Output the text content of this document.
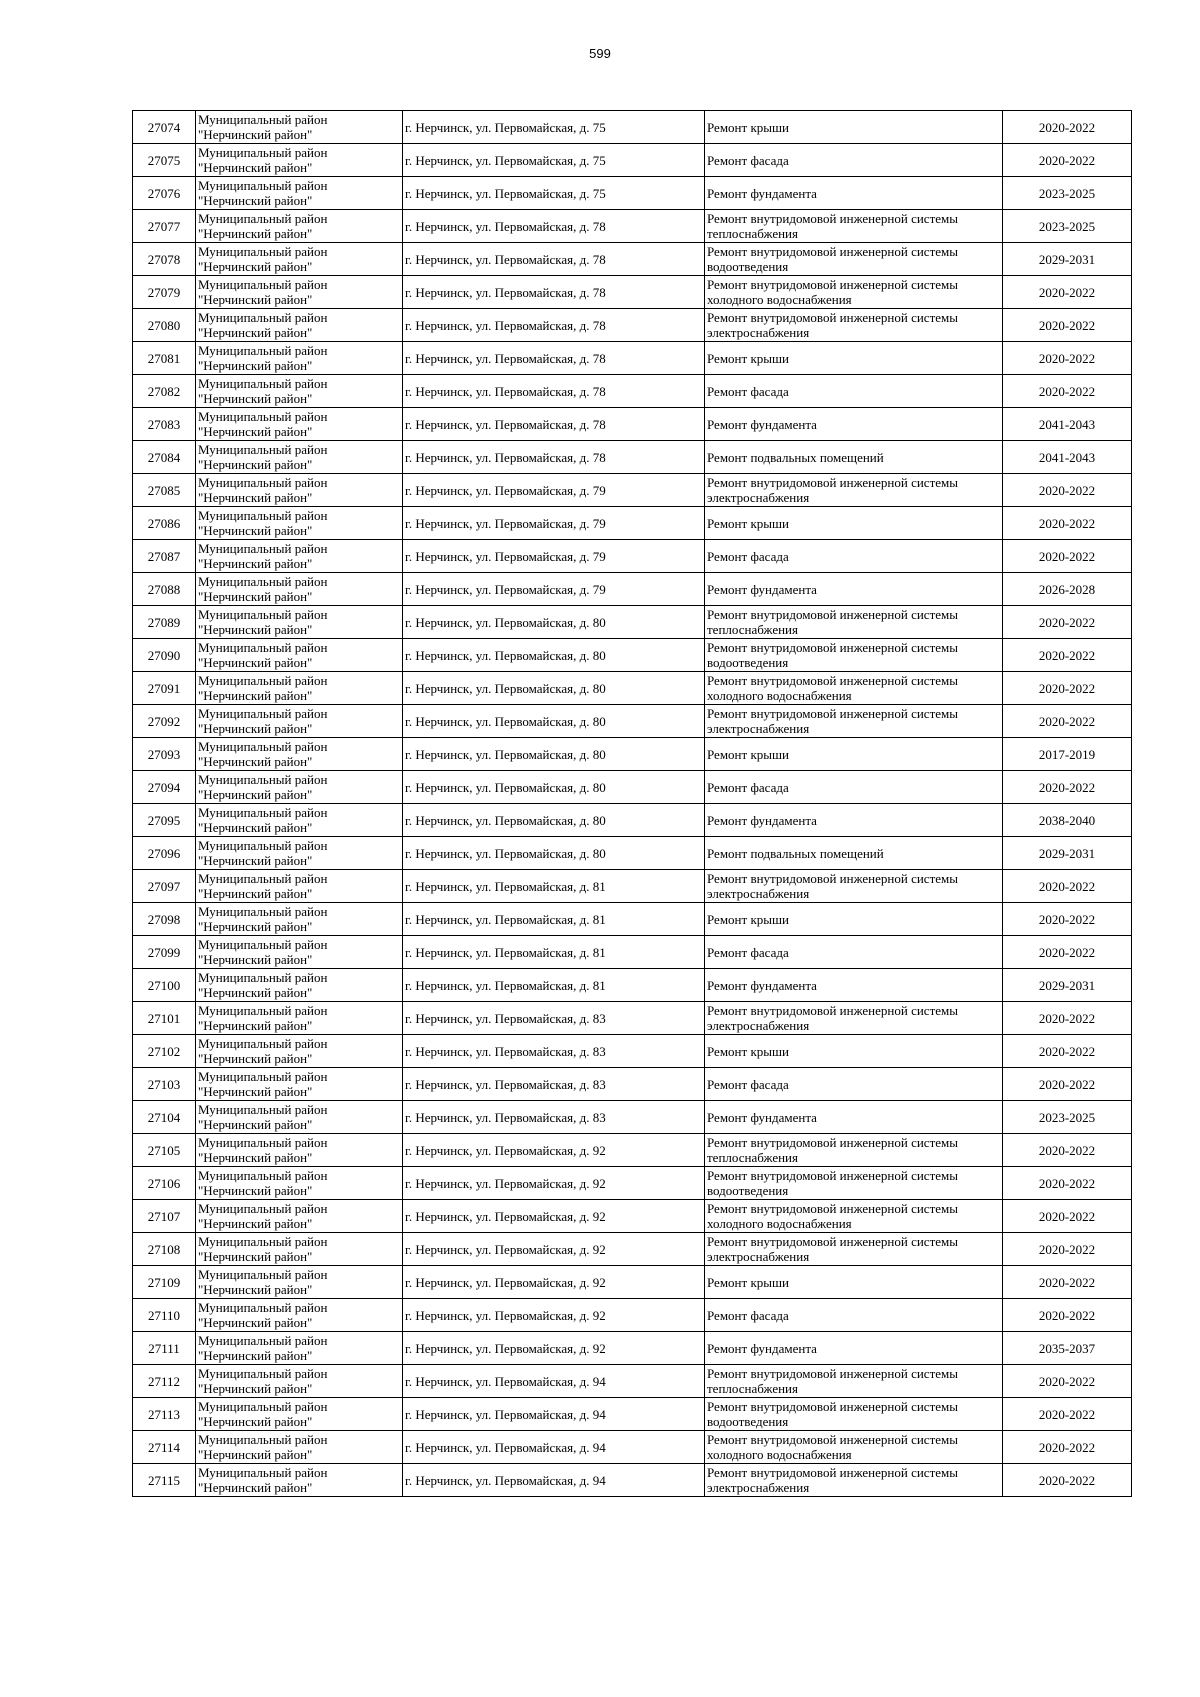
599
27074	Муниципальный район "Нерчинский район"	г. Нерчинск, ул. Первомайская, д. 75	Ремонт крыши	2020-2022
27075	Муниципальный район "Нерчинский район"	г. Нерчинск, ул. Первомайская, д. 75	Ремонт фасада	2020-2022
27076	Муниципальный район "Нерчинский район"	г. Нерчинск, ул. Первомайская, д. 75	Ремонт фундамента	2023-2025
27077	Муниципальный район "Нерчинский район"	г. Нерчинск, ул. Первомайская, д. 78	Ремонт внутридомовой инженерной системы теплоснабжения	2023-2025
27078	Муниципальный район "Нерчинский район"	г. Нерчинск, ул. Первомайская, д. 78	Ремонт внутридомовой инженерной системы водоотведения	2029-2031
27079	Муниципальный район "Нерчинский район"	г. Нерчинск, ул. Первомайская, д. 78	Ремонт внутридомовой инженерной системы холодного водоснабжения	2020-2022
27080	Муниципальный район "Нерчинский район"	г. Нерчинск, ул. Первомайская, д. 78	Ремонт внутридомовой инженерной системы электроснабжения	2020-2022
27081	Муниципальный район "Нерчинский район"	г. Нерчинск, ул. Первомайская, д. 78	Ремонт крыши	2020-2022
27082	Муниципальный район "Нерчинский район"	г. Нерчинск, ул. Первомайская, д. 78	Ремонт фасада	2020-2022
27083	Муниципальный район "Нерчинский район"	г. Нерчинск, ул. Первомайская, д. 78	Ремонт фундамента	2041-2043
27084	Муниципальный район "Нерчинский район"	г. Нерчинск, ул. Первомайская, д. 78	Ремонт подвальных помещений	2041-2043
27085	Муниципальный район "Нерчинский район"	г. Нерчинск, ул. Первомайская, д. 79	Ремонт внутридомовой инженерной системы электроснабжения	2020-2022
27086	Муниципальный район "Нерчинский район"	г. Нерчинск, ул. Первомайская, д. 79	Ремонт крыши	2020-2022
27087	Муниципальный район "Нерчинский район"	г. Нерчинск, ул. Первомайская, д. 79	Ремонт фасада	2020-2022
27088	Муниципальный район "Нерчинский район"	г. Нерчинск, ул. Первомайская, д. 79	Ремонт фундамента	2026-2028
27089	Муниципальный район "Нерчинский район"	г. Нерчинск, ул. Первомайская, д. 80	Ремонт внутридомовой инженерной системы теплоснабжения	2020-2022
27090	Муниципальный район "Нерчинский район"	г. Нерчинск, ул. Первомайская, д. 80	Ремонт внутридомовой инженерной системы водоотведения	2020-2022
27091	Муниципальный район "Нерчинский район"	г. Нерчинск, ул. Первомайская, д. 80	Ремонт внутридомовой инженерной системы холодного водоснабжения	2020-2022
27092	Муниципальный район "Нерчинский район"	г. Нерчинск, ул. Первомайская, д. 80	Ремонт внутридомовой инженерной системы электроснабжения	2020-2022
27093	Муниципальный район "Нерчинский район"	г. Нерчинск, ул. Первомайская, д. 80	Ремонт крыши	2017-2019
27094	Муниципальный район "Нерчинский район"	г. Нерчинск, ул. Первомайская, д. 80	Ремонт фасада	2020-2022
27095	Муниципальный район "Нерчинский район"	г. Нерчинск, ул. Первомайская, д. 80	Ремонт фундамента	2038-2040
27096	Муниципальный район "Нерчинский район"	г. Нерчинск, ул. Первомайская, д. 80	Ремонт подвальных помещений	2029-2031
27097	Муниципальный район "Нерчинский район"	г. Нерчинск, ул. Первомайская, д. 81	Ремонт внутридомовой инженерной системы электроснабжения	2020-2022
27098	Муниципальный район "Нерчинский район"	г. Нерчинск, ул. Первомайская, д. 81	Ремонт крыши	2020-2022
27099	Муниципальный район "Нерчинский район"	г. Нерчинск, ул. Первомайская, д. 81	Ремонт фасада	2020-2022
27100	Муниципальный район "Нерчинский район"	г. Нерчинск, ул. Первомайская, д. 81	Ремонт фундамента	2029-2031
27101	Муниципальный район "Нерчинский район"	г. Нерчинск, ул. Первомайская, д. 83	Ремонт внутридомовой инженерной системы электроснабжения	2020-2022
27102	Муниципальный район "Нерчинский район"	г. Нерчинск, ул. Первомайская, д. 83	Ремонт крыши	2020-2022
27103	Муниципальный район "Нерчинский район"	г. Нерчинск, ул. Первомайская, д. 83	Ремонт фасада	2020-2022
27104	Муниципальный район "Нерчинский район"	г. Нерчинск, ул. Первомайская, д. 83	Ремонт фундамента	2023-2025
27105	Муниципальный район "Нерчинский район"	г. Нерчинск, ул. Первомайская, д. 92	Ремонт внутридомовой инженерной системы теплоснабжения	2020-2022
27106	Муниципальный район "Нерчинский район"	г. Нерчинск, ул. Первомайская, д. 92	Ремонт внутридомовой инженерной системы водоотведения	2020-2022
27107	Муниципальный район "Нерчинский район"	г. Нерчинск, ул. Первомайская, д. 92	Ремонт внутридомовой инженерной системы холодного водоснабжения	2020-2022
27108	Муниципальный район "Нерчинский район"	г. Нерчинск, ул. Первомайская, д. 92	Ремонт внутридомовой инженерной системы электроснабжения	2020-2022
27109	Муниципальный район "Нерчинский район"	г. Нерчинск, ул. Первомайская, д. 92	Ремонт крыши	2020-2022
27110	Муниципальный район "Нерчинский район"	г. Нерчинск, ул. Первомайская, д. 92	Ремонт фасада	2020-2022
27111	Муниципальный район "Нерчинский район"	г. Нерчинск, ул. Первомайская, д. 92	Ремонт фундамента	2035-2037
27112	Муниципальный район "Нерчинский район"	г. Нерчинск, ул. Первомайская, д. 94	Ремонт внутридомовой инженерной системы теплоснабжения	2020-2022
27113	Муниципальный район "Нерчинский район"	г. Нерчинск, ул. Первомайская, д. 94	Ремонт внутридомовой инженерной системы водоотведения	2020-2022
27114	Муниципальный район "Нерчинский район"	г. Нерчинск, ул. Первомайская, д. 94	Ремонт внутридомовой инженерной системы холодного водоснабжения	2020-2022
27115	Муниципальный район "Нерчинский район"	г. Нерчинск, ул. Первомайская, д. 94	Ремонт внутридомовой инженерной системы электроснабжения	2020-2022
